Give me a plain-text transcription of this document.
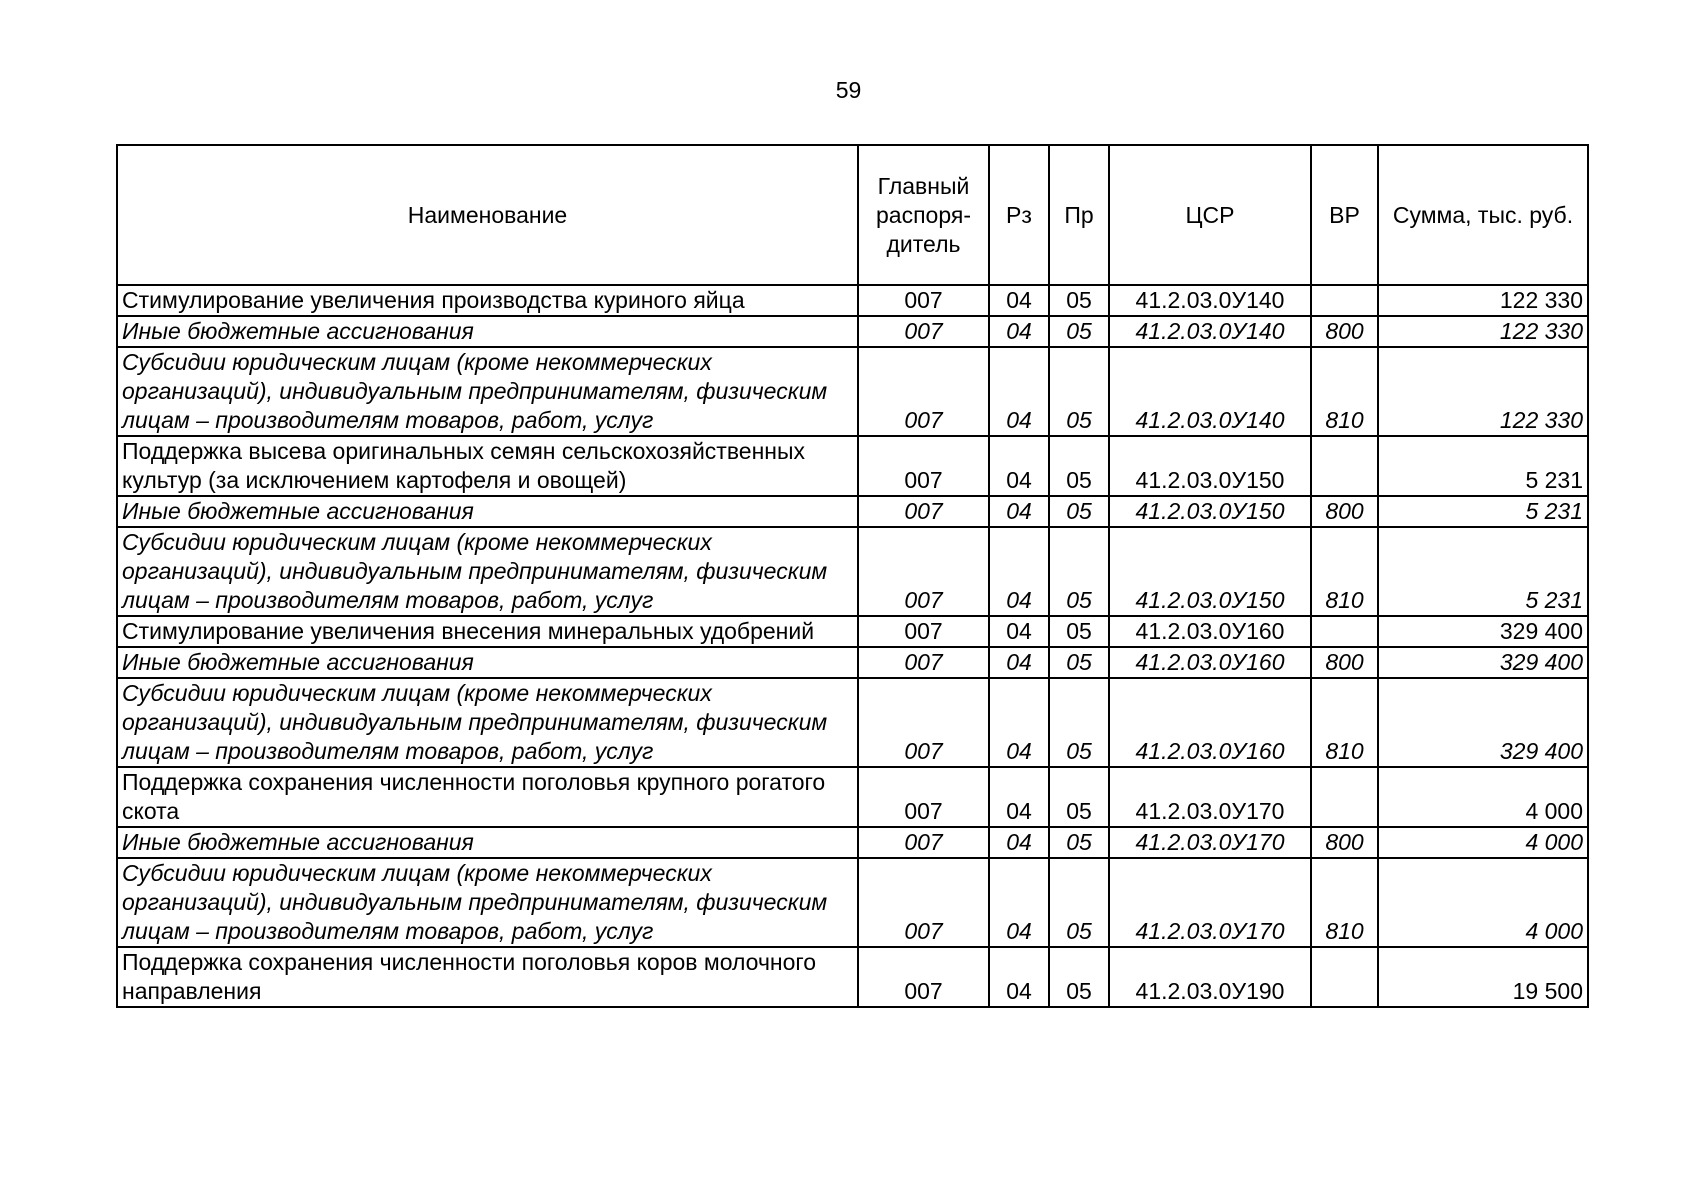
59
Наименование	Главный распоря-дитель	Рз	Пр	ЦСР	ВР	Сумма, тыс. руб.
Стимулирование увеличения производства куриного яйца	007	04	05	41.2.03.0У140		122 330
Иные бюджетные ассигнования	007	04	05	41.2.03.0У140	800	122 330
Субсидии юридическим лицам (кроме некоммерческих организаций), индивидуальным предпринимателям, физическим лицам – производителям товаров, работ, услуг	007	04	05	41.2.03.0У140	810	122 330
Поддержка высева оригинальных семян сельскохозяйственных культур (за исключением картофеля и овощей)	007	04	05	41.2.03.0У150		5 231
Иные бюджетные ассигнования	007	04	05	41.2.03.0У150	800	5 231
Субсидии юридическим лицам (кроме некоммерческих организаций), индивидуальным предпринимателям, физическим лицам – производителям товаров, работ, услуг	007	04	05	41.2.03.0У150	810	5 231
Стимулирование увеличения внесения минеральных удобрений	007	04	05	41.2.03.0У160		329 400
Иные бюджетные ассигнования	007	04	05	41.2.03.0У160	800	329 400
Субсидии юридическим лицам (кроме некоммерческих организаций), индивидуальным предпринимателям, физическим лицам – производителям товаров, работ, услуг	007	04	05	41.2.03.0У160	810	329 400
Поддержка сохранения численности поголовья крупного рогатого скота	007	04	05	41.2.03.0У170		4 000
Иные бюджетные ассигнования	007	04	05	41.2.03.0У170	800	4 000
Субсидии юридическим лицам (кроме некоммерческих организаций), индивидуальным предпринимателям, физическим лицам – производителям товаров, работ, услуг	007	04	05	41.2.03.0У170	810	4 000
Поддержка сохранения численности поголовья коров молочного направления	007	04	05	41.2.03.0У190		19 500
